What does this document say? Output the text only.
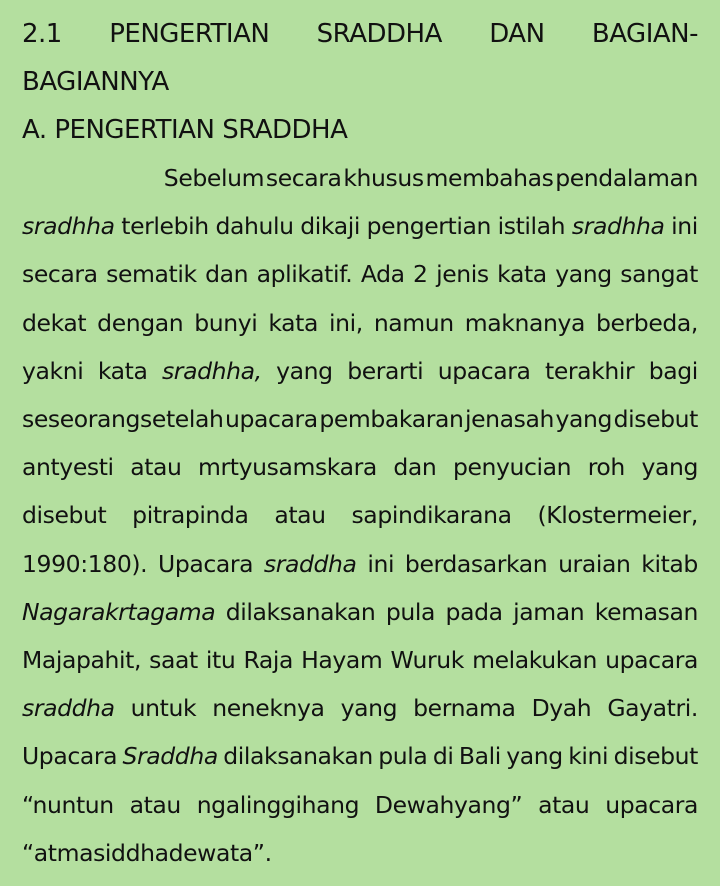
2.1 PENGERTIAN SRADDHA DAN BAGIAN-
BAGIANNYA
A. PENGERTIAN SRADDHA
Sebelum secara khusus membahas pendalaman
sradhha terlebih dahulu dikaji pengertian istilah sradhha ini
secara sematik dan aplikatif. Ada 2 jenis kata yang sangat
dekat dengan bunyi kata ini, namun maknanya berbeda,
yakni kata sradhha, yang berarti upacara terakhir bagi
seseorangsetelah upacara pembakaran jenasah yang disebut
antyesti atau mrtyusamskara dan penyucian roh yang
disebut pitrapinda atau sapindikarana (Klostermeier,
1990:180). Upacara sraddha ini berdasarkan uraian kitab
Nagarakrtagama dilaksanakan pula pada jaman kemasan
Majapahit, saat itu Raja Hayam Wuruk melakukan upacara
sraddha untuk neneknya yang bernama Dyah Gayatri.
Upacara Sraddha dilaksanakan pula di Bali yang kini disebut
“nuntun atau ngalinggihang Dewahyang” atau upacara
“atmasiddhadewata”.
